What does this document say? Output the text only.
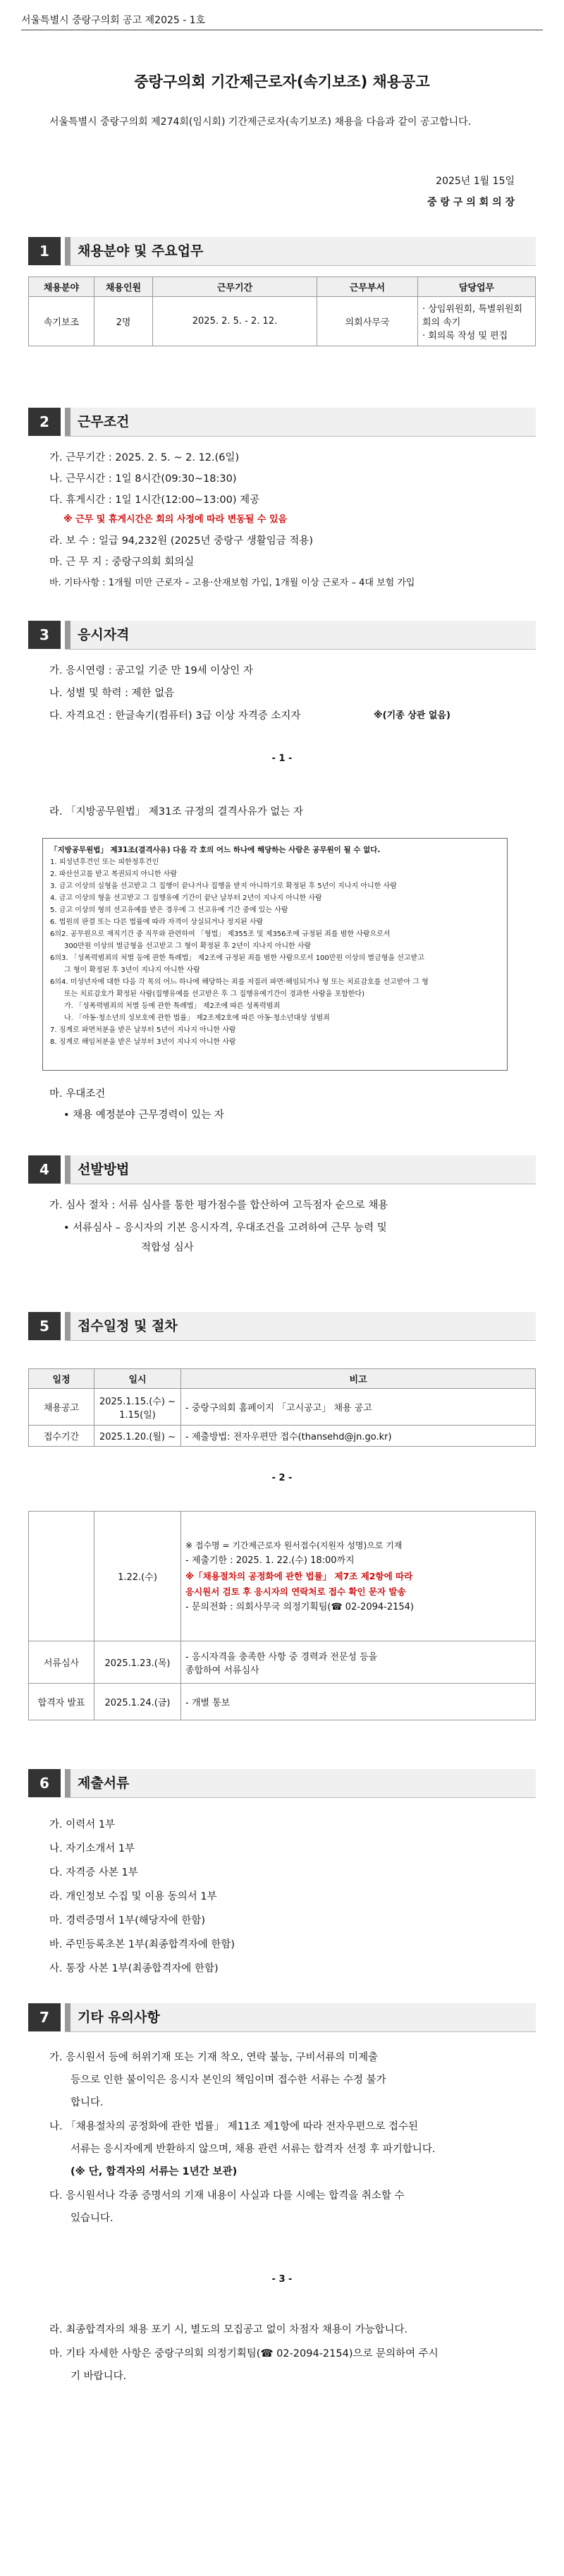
서울특별시 중랑구의회 공고 제2025 - 1호
중랑구의회 기간제근로자(속기보조) 채용공고
서울특별시 중랑구의회 제274회(임시회) 기간제근로자(속기보조) 채용을 다음과 같이 공고합니다.
2025년 1월 15일
중 랑 구 의 회 의 장
1	채용분야 및 주요업무
채용분야	채용인원	근무기간	근무부서	담당업무
속기보조	2명	2025. 2. 5. - 2. 12.	의회사무국	· 상임위원회, 특별위원회 회의 속기
· 회의록 작성 및 편집
2	근무조건
가. 근무기간 : 2025. 2. 5. ~ 2. 12.(6일)
나. 근무시간 : 1일 8시간(09:30~18:30)
다. 휴게시간 : 1일 1시간(12:00~13:00) 제공
※ 근무 및 휴게시간은 회의 사정에 따라 변동될 수 있음
라. 보 수 : 일급 94,232원 (2025년 중랑구 생활임금 적용)
마. 근 무 지 : 중랑구의회 회의실
바. 기타사항 : 1개월 미만 근로자 – 고용·산재보험 가입, 1개월 이상 근로자 – 4대 보험 가입
3	응시자격
가. 응시연령 : 공고일 기준 만 19세 이상인 자
나. 성별 및 학력 : 제한 없음
다. 자격요건 : 한글속기(컴퓨터) 3급 이상 자격증 소지자	※(기종 상관 없음)
- 1 -
라. 「지방공무원법」 제31조 규정의 결격사유가 없는 자
「지방공무원법」 제31조(결격사유) 다음 각 호의 어느 하나에 해당하는 사람은 공무원이 될 수 없다.
1. 피성년후견인 또는 피한정후견인
2. 파산선고를 받고 복권되지 아니한 사람
3. 금고 이상의 실형을 선고받고 그 집행이 끝나거나 집행을 받지 아니하기로 확정된 후 5년이 지나지 아니한 사람
4. 금고 이상의 형을 선고받고 그 집행유예 기간이 끝난 날부터 2년이 지나지 아니한 사람
5. 금고 이상의 형의 선고유예를 받은 경우에 그 선고유예 기간 중에 있는 사람
6. 법원의 판결 또는 다른 법률에 따라 자격이 상실되거나 정지된 사람
6의2. 공무원으로 재직기간 중 직무와 관련하여 「형법」 제355조 및 제356조에 규정된 죄를 범한 사람으로서
300만원 이상의 벌금형을 선고받고 그 형이 확정된 후 2년이 지나지 아니한 사람
6의3. 「성폭력범죄의 처벌 등에 관한 특례법」 제2조에 규정된 죄를 범한 사람으로서 100만원 이상의 벌금형을 선고받고
그 형이 확정된 후 3년이 지나지 아니한 사람
6의4. 미성년자에 대한 다음 각 목의 어느 하나에 해당하는 죄를 저질러 파면·해임되거나 형 또는 치료감호를 선고받아 그 형
또는 치료감호가 확정된 사람(집행유예를 선고받은 후 그 집행유예기간이 경과한 사람을 포함한다)
가. 「성폭력범죄의 처벌 등에 관한 특례법」 제2조에 따른 성폭력범죄
나. 「아동·청소년의 성보호에 관한 법률」 제2조제2호에 따른 아동·청소년대상 성범죄
7. 징계로 파면처분을 받은 날부터 5년이 지나지 아니한 사람
8. 징계로 해임처분을 받은 날부터 3년이 지나지 아니한 사람
마. 우대조건
• 채용 예정분야 근무경력이 있는 자
4	선발방법
가. 심사 절차 : 서류 심사를 통한 평가점수를 합산하여 고득점자 순으로 채용
• 서류심사 – 응시자의 기본 응시자격, 우대조건을 고려하여 근무 능력 및
적합성 심사
5	접수일정 및 절차
일정	일시	비고
채용공고	2025.1.15.(수) ~ 1.15(일)	- 중랑구의회 홈페이지 「고시공고」 채용 공고
접수기간	2025.1.20.(월) ~	- 제출방법: 전자우편만 접수(thansehd@jn.go.kr)
- 2 -
	1.22.(수)	※ 접수명 = 기간제근로자 원서접수(지원자 성명)으로 기재
- 제출기한 : 2025. 1. 22.(수) 18:00까지
※「채용절차의 공정화에 관한 법률」 제7조 제2항에 따라
응시원서 검토 후 응시자의 연락처로 접수 확인 문자 발송
- 문의전화 : 의회사무국 의정기획팀(☎ 02-2094-2154)

서류심사	2025.1.23.(목)	- 응시자격을 충족한 사항 중 경력과 전문성 등을
종합하여 서류심사

합격자 발표	2025.1.24.(금)	- 개별 통보
6	제출서류
가. 이력서 1부
나. 자기소개서 1부
다. 자격증 사본 1부
라. 개인정보 수집 및 이용 동의서 1부
마. 경력증명서 1부(해당자에 한함)
바. 주민등록초본 1부(최종합격자에 한함)
사. 통장 사본 1부(최종합격자에 한함)
7	기타 유의사항
가. 응시원서 등에 허위기재 또는 기재 착오, 연락 불능, 구비서류의 미제출
등으로 인한 불이익은 응시자 본인의 책임이며 접수한 서류는 수정 불가
합니다.
나. 「채용절차의 공정화에 관한 법률」 제11조 제1항에 따라 전자우편으로 접수된
서류는 응시자에게 반환하지 않으며, 채용 관련 서류는 합격자 선정 후 파기합니다.
(※ 단, 합격자의 서류는 1년간 보관)
다. 응시원서나 각종 증명서의 기재 내용이 사실과 다를 시에는 합격을 취소할 수
있습니다.
- 3 -
라. 최종합격자의 채용 포기 시, 별도의 모집공고 없이 차점자 채용이 가능합니다.
마. 기타 자세한 사항은 중랑구의회 의정기획팀(☎ 02-2094-2154)으로 문의하여 주시
기 바랍니다.
